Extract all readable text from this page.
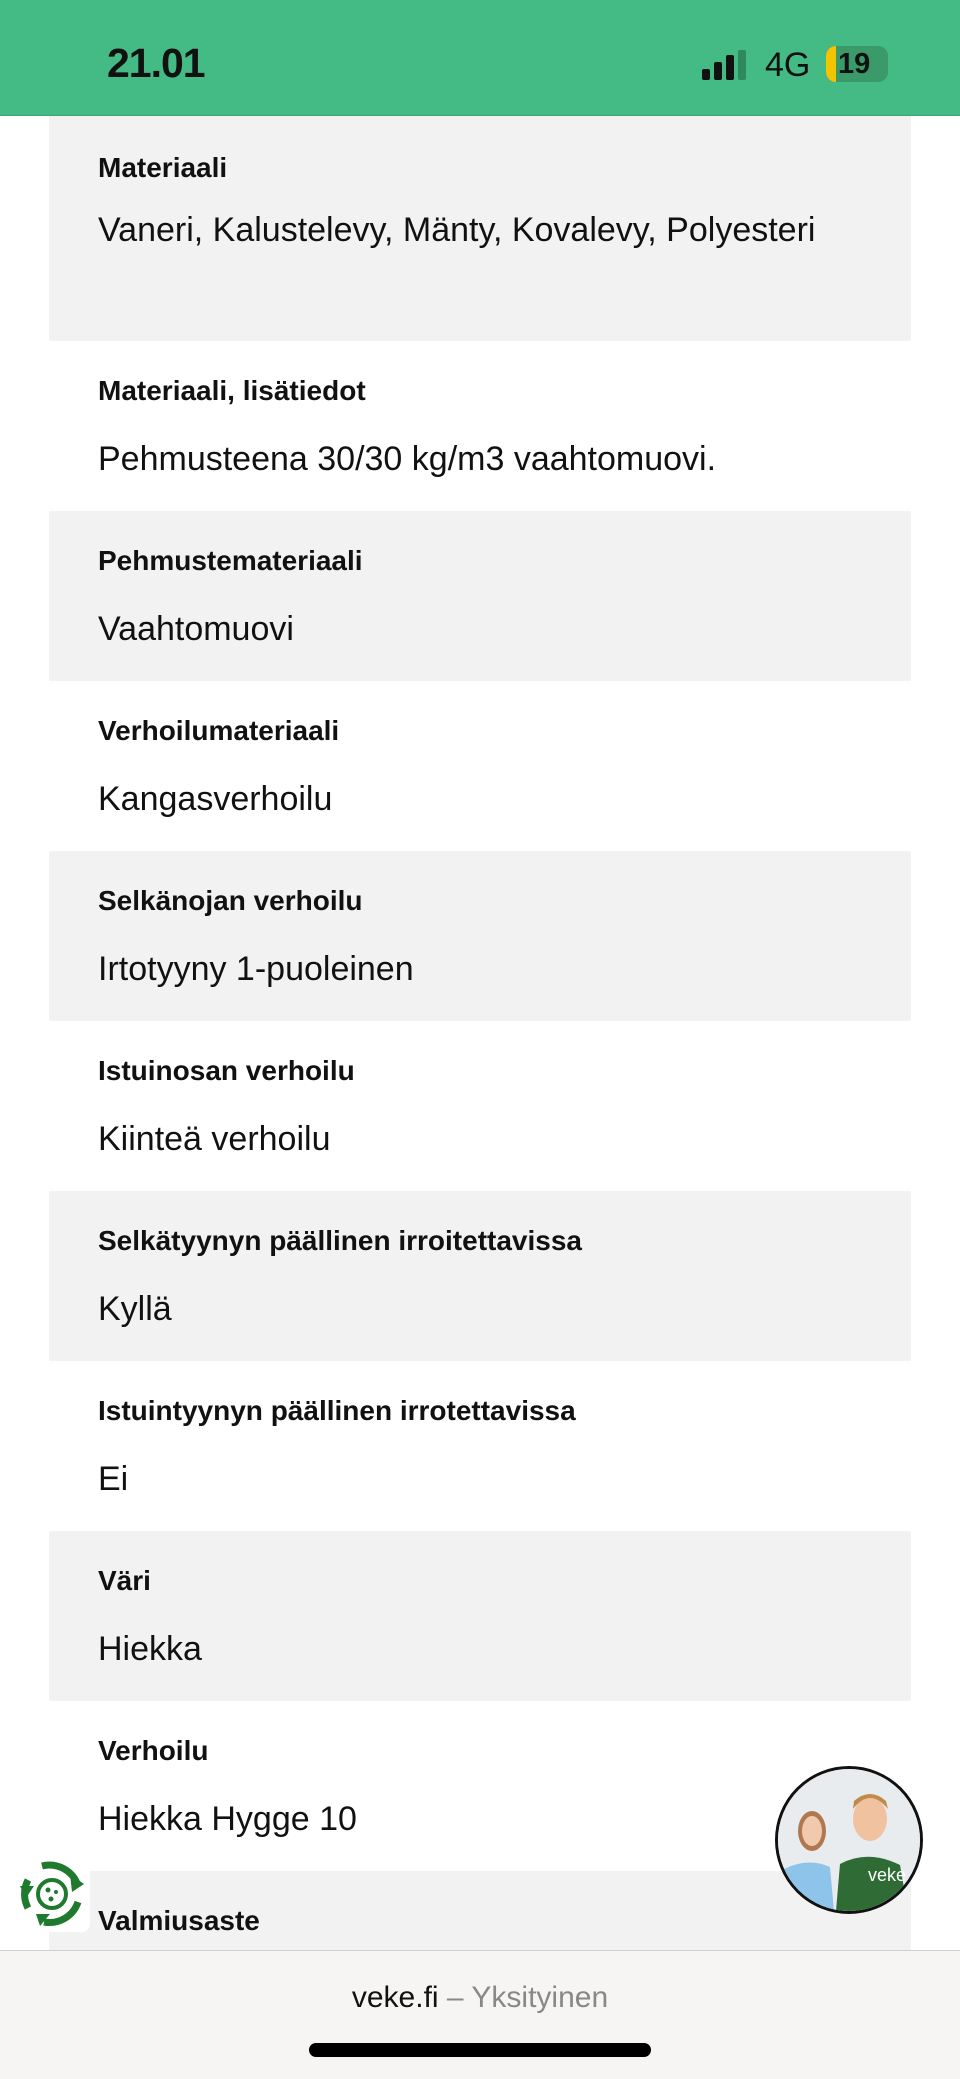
21.01	4G 19
Materiaali
Vaneri, Kalustelevy, Mänty, Kovalevy, Polyesteri
Materiaali, lisätiedot
Pehmusteena 30/30 kg/m3 vaahtomuovi.
Pehmustemateriaali
Vaahtomuovi
Verhoilumateriaali
Kangasverhoilu
Selkänojan verhoilu
Irtotyyny 1-puoleinen
Istuinosan verhoilu
Kiinteä verhoilu
Selkätyynyn päällinen irroitettavissa
Kyllä
Istuintyynyn päällinen irrotettavissa
Ei
Väri
Hiekka
Verhoilu
Hiekka Hygge 10
Valmiusaste
veke
veke.fi – Yksityinen
